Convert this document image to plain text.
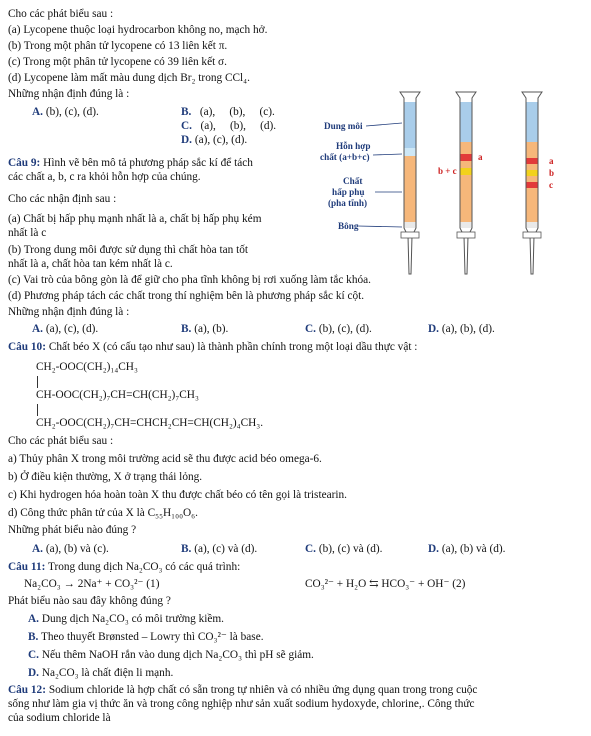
Cho các phát biểu sau :
(a) Lycopene thuộc loại hydrocarbon không no, mạch hở.
(b) Trong một phân tử lycopene có 13 liên kết π.
(c) Trong một phân tử lycopene có 39 liên kết σ.
(d) Lycopene làm mất màu dung dịch Br₂ trong CCl₄.
Những nhận định đúng là :
A. (b), (c), (d).	B. (a),     (b),     (c).
C. (a),     (b),     (d).
D. (a), (c), (d).
Câu 9: Hình vẽ bên mô tả phương pháp sắc kí để tách
các chất a, b, c ra khỏi hỗn hợp của chúng.
Cho các nhận định sau :
(a) Chất bị hấp phụ mạnh nhất là a, chất bị hấp phụ kém
nhất là c
(b) Trong dung môi được sử dụng thì chất hòa tan tốt
nhất là a, chất hòa tan kém nhất là c.
(c) Vai trò của bông gòn là để giữ cho pha tĩnh không bị rơi xuống làm tắc khóa.
(d) Phương pháp tách các chất trong thí nghiệm bên là phương pháp sắc kí cột.
Những nhận định đúng là :
A. (a), (c), (d).	B. (a), (b).	C. (b), (c), (d).	D. (a), (b), (d).
Dung môi
Hỗn hợp
chất (a+b+c)
Chất
hấp phụ
(pha tĩnh)
Bông
a
b + c
a
b
c
Câu 10: Chất béo X (có cấu tạo như sau) là thành phần chính trong một loại dầu thực vật :
CH₂-OOC(CH₂)₁₄CH₃
CH-OOC(CH₂)₇CH=CH(CH₂)₇CH₃
CH₂-OOC(CH₂)₇CH=CHCH₂CH=CH(CH₂)₄CH₃.
Cho các phát biểu sau :
a) Thủy phân X trong môi trường acid sẽ thu được acid béo omega-6.
b) Ở điều kiện thường, X ở trạng thái lỏng.
c) Khi hydrogen hóa hoàn toàn X thu được chất béo có tên gọi là tristearin.
d) Công thức phân tử của X là C₅₅H₁₀₀O₆.
Những phát biểu nào đúng ?
A. (a), (b) và (c).	B. (a), (c) và (d).	C. (b), (c) và (d).	D. (a), (b) và (d).
Câu 11: Trong dung dịch Na₂CO₃ có các quá trình:
Na₂CO₃ → 2Na⁺ + CO₃²⁻ (1)	CO₃²⁻ + H₂O ⇆ HCO₃⁻ + OH⁻ (2)
Phát biểu nào sau đây không đúng ?
A. Dung dịch Na₂CO₃ có môi trường kiềm.
B. Theo thuyết Brønsted – Lowry thì CO₃²⁻ là base.
C. Nếu thêm NaOH rắn vào dung dịch Na₂CO₃ thì pH sẽ giảm.
D. Na₂CO₃ là chất điện li mạnh.
Câu 12: Sodium chloride là hợp chất có sẵn trong tự nhiên và có nhiều ứng dụng quan trong trong cuộc
sống như làm gia vị thức ăn và trong công nghiệp như sản xuất sodium hydoxyde, chlorine,. Công thức
của sodium chloride là
